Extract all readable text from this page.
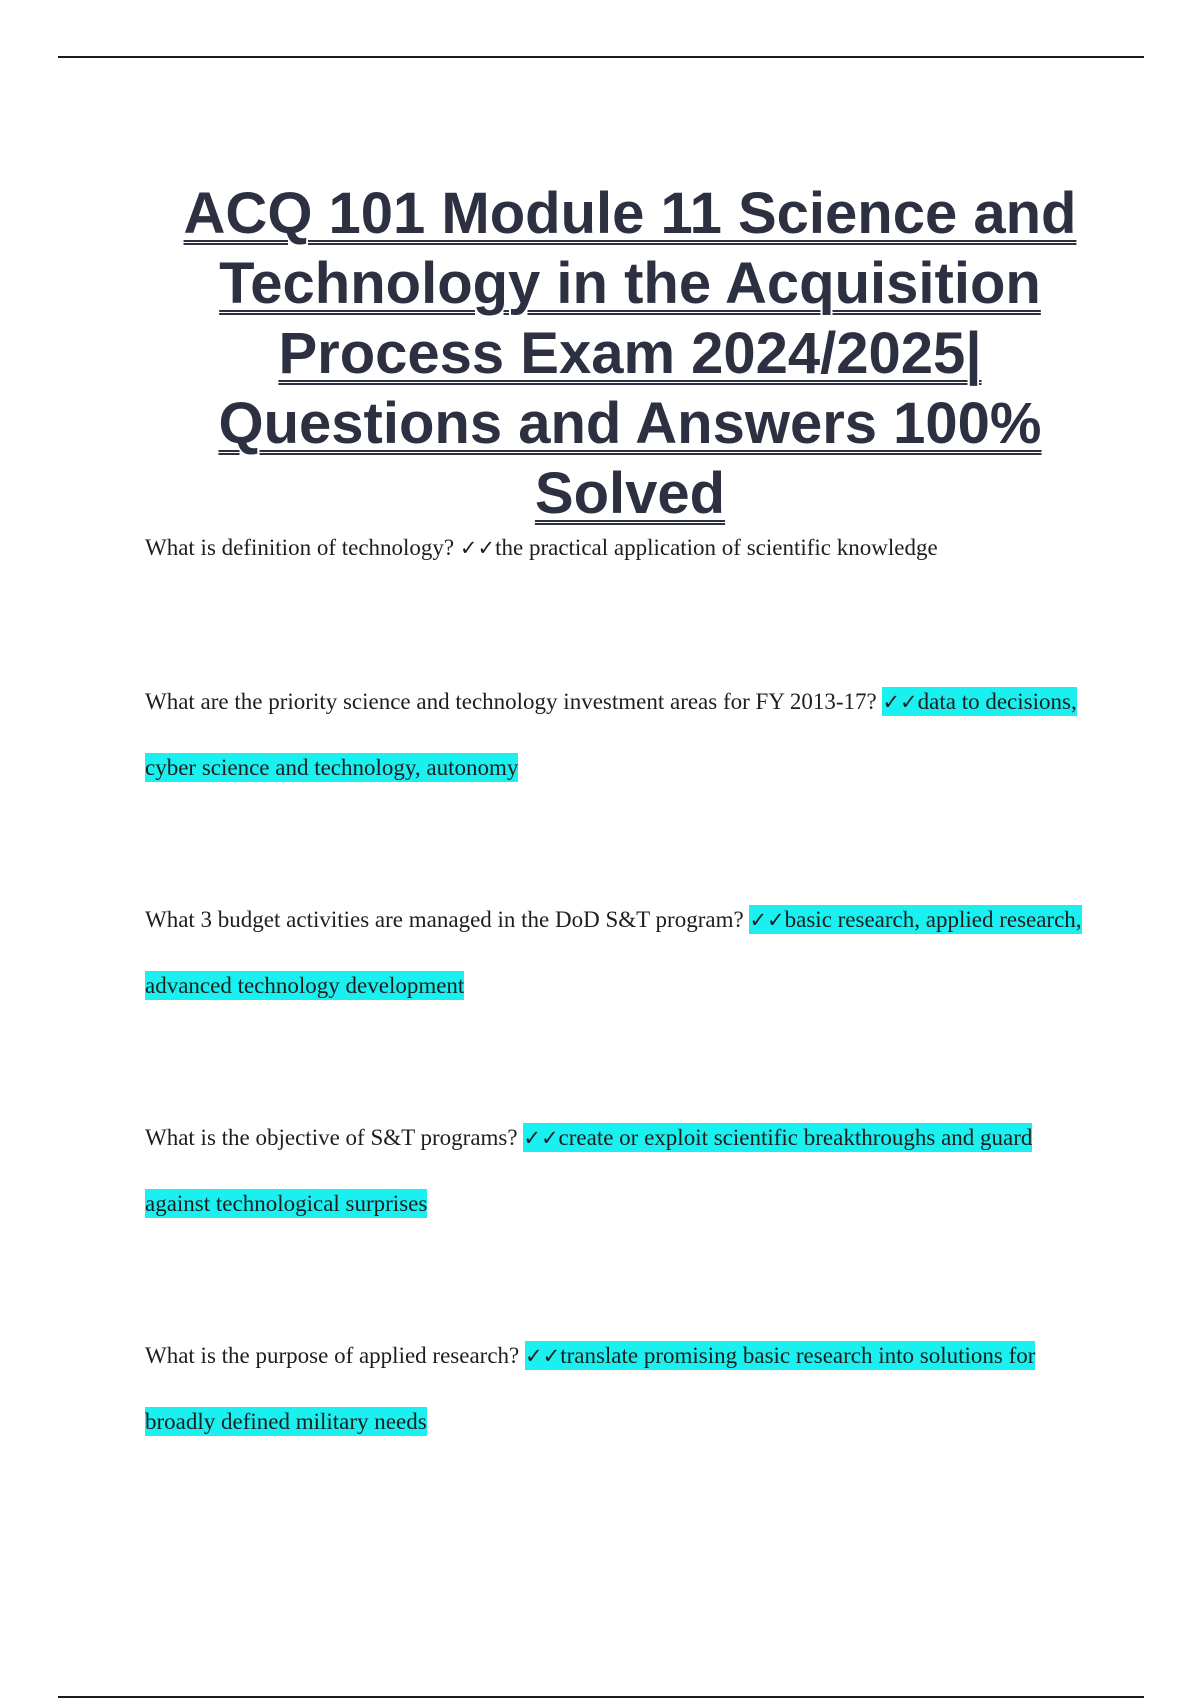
ACQ 101 Module 11 Science and Technology in the Acquisition Process Exam 2024/2025| Questions and Answers 100% Solved

What is definition of technology? ✓✓the practical application of scientific knowledge

What are the priority science and technology investment areas for FY 2013-17? ✓✓data to decisions, cyber science and technology, autonomy

What 3 budget activities are managed in the DoD S&T program? ✓✓basic research, applied research, advanced technology development

What is the objective of S&T programs? ✓✓create or exploit scientific breakthroughs and guard against technological surprises

What is the purpose of applied research? ✓✓translate promising basic research into solutions for broadly defined military needs
